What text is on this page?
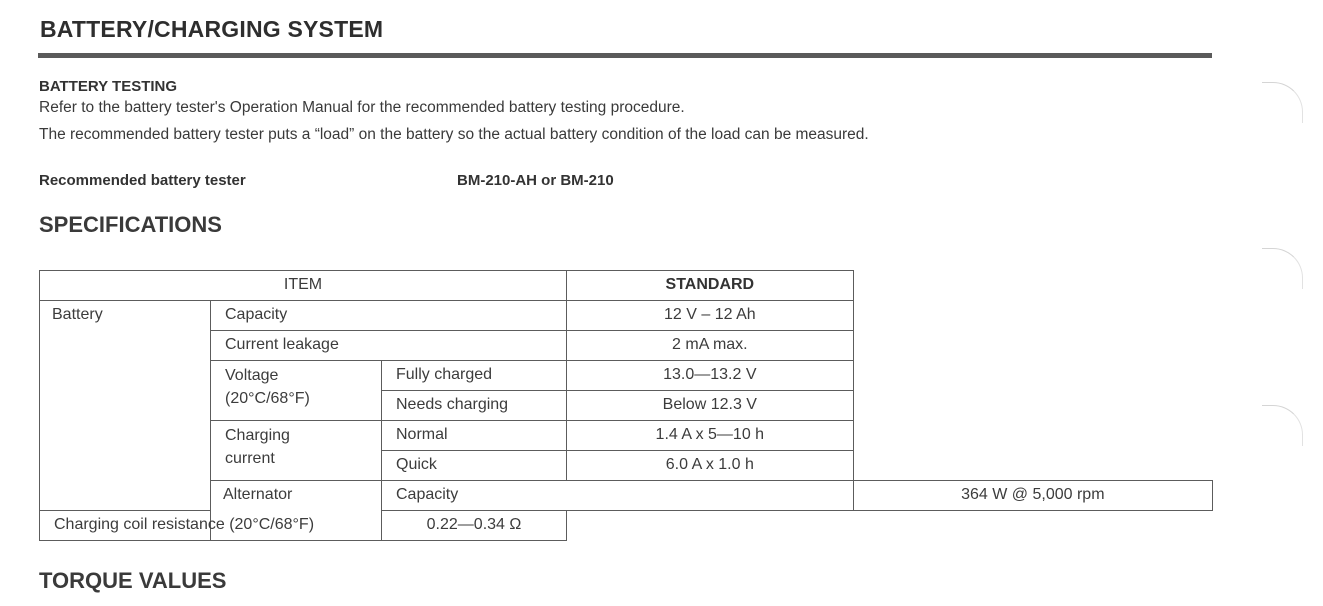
BATTERY/CHARGING SYSTEM
BATTERY TESTING
Refer to the battery tester's Operation Manual for the recommended battery testing procedure.
The recommended battery tester puts a “load” on the battery so the actual battery condition of the load can be measured.
Recommended battery tester	BM-210-AH or BM-210
SPECIFICATIONS
ITEM			STANDARD	
Battery	Capacity		12 V – 12 Ah	
	Current leakage		2 mA max.	

	Voltage
(20°C/68°F)	Fully charged	13.0—13.2 V	
		Needs charging	Below 12.3 V	

	Charging
current	Normal	1.4 A x 5—10 h	
		Quick	6.0 A x 1.0 h	
	Alternator	Capacity		364 W @ 5,000 rpm
Charging coil resistance (20°C/68°F)		0.22—0.34 Ω		
TORQUE VALUES
